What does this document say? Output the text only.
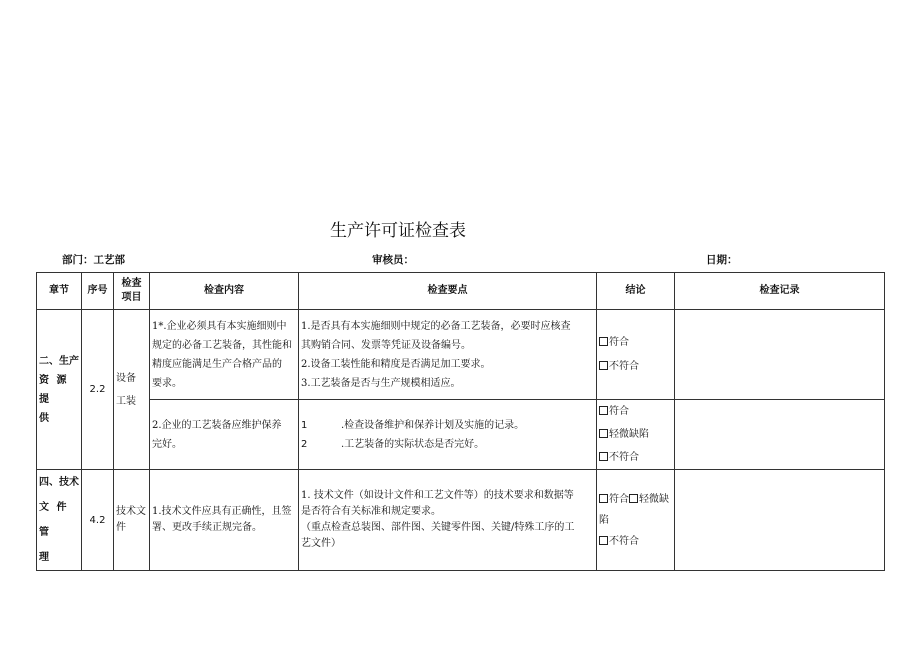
生产许可证检查表
部门：工艺部	审核员：	日期：
章节	序号	检查项目	检查内容	检查要点	结论	检查记录

二、生产
资 源 提
供	2.2	设备
工装	1*.企业必须具有本实施细则中
规定的必备工艺装备，其性能和
精度应能满足生产合格产品的
要求。	1.是否具有本实施细则中规定的必备工艺装备，必要时应核查
其购销合同、发票等凭证及设备编号。
2.设备工装性能和精度是否满足加工要求。
3.工艺装备是否与生产规模相适应。	符合
不符合	

			2.企业的工艺装备应维护保养
完好。	1 .检查设备维护和保养计划及实施的记录。
2 .工艺装备的实际状态是否完好。	符合
轻微缺陷
不符合	

四、技术
文 件 管
理	4.2	技术文
件	1.技术文件应具有正确性，且签
署、更改手续正规完备。	1. 技术文件（如设计文件和工艺文件等）的技术要求和数据等
是否符合有关标准和规定要求。
（重点检查总装图、部件图、关键零件图、关键/特殊工序的工
艺文件）	符合 轻微缺
陷
不符合	
